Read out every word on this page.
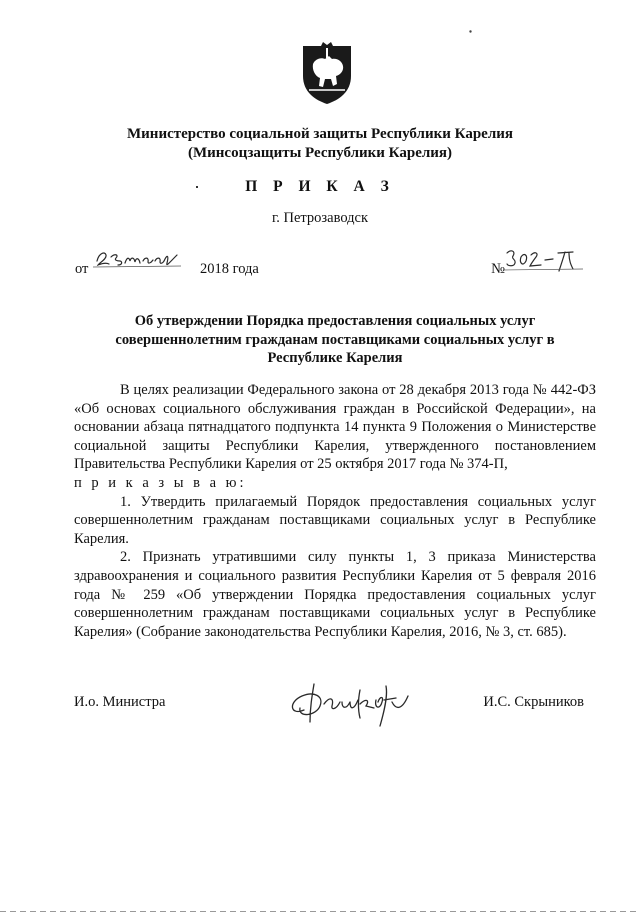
Министерство социальной защиты Республики Карелия
(Минсоцзащиты Республики Карелия)
П Р И К А З
г. Петрозаводск
от	2018 года	№
Об утверждении Порядка предоставления социальных услуг
совершеннолетним гражданам поставщиками социальных услуг в
Республике Карелия

В целях реализации Федерального закона от 28 декабря 2013 года № 442-ФЗ «Об основах социального обслуживания граждан в Российской Федерации», на основании абзаца пятнадцатого подпункта 14 пункта 9 Положения о Министерстве социальной защиты Республики Карелия, утвержденного постановлением Правительства Республики Карелия от 25 октября 2017 года № 374-П,

п р и к а з ы в а ю:

1. Утвердить прилагаемый Порядок предоставления социальных услуг совершеннолетним гражданам поставщиками социальных услуг в Республике Карелия.

2. Признать утратившими силу пункты 1, 3 приказа Министерства здравоохранения и социального развития Республики Карелия от 5 февраля 2016 года № 259 «Об утверждении Порядка предоставления социальных услуг совершеннолетним гражданам поставщиками социальных услуг в Республике Карелия» (Собрание законодательства Республики Карелия, 2016, № 3, ст. 685).

И.о. Министра	И.С. Скрыников
